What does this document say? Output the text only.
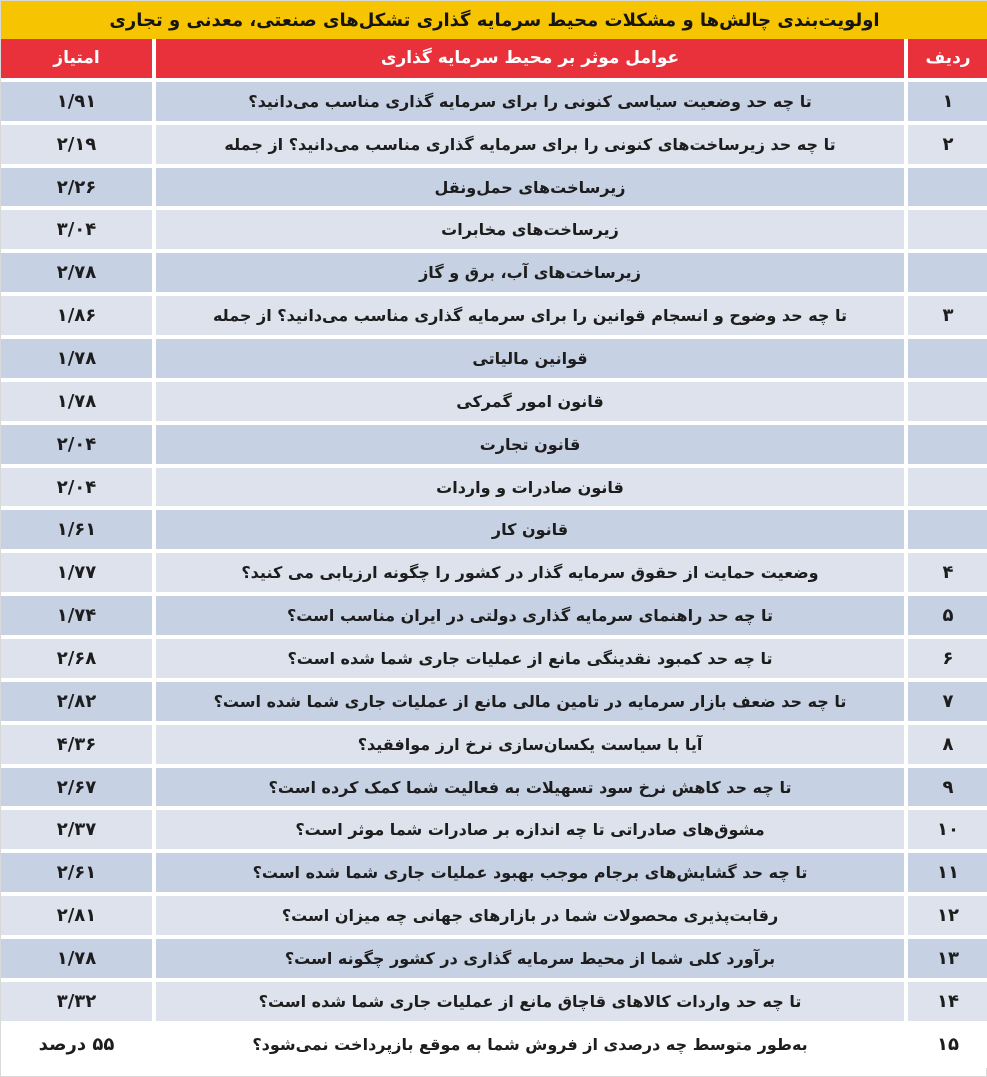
اولویت‌بندی چالش‌ها و مشکلات محیط سرمایه گذاری تشکل‌های صنعتی، معدنی و تجاری
ردیف
عوامل موثر بر محیط سرمایه گذاری
امتیاز
۱
تا چه حد وضعیت سیاسی کنونی را برای سرمایه گذاری مناسب می‌دانید؟
۱/۹۱
۲
تا چه حد زیرساخت‌های کنونی را برای سرمایه گذاری مناسب می‌دانید؟ از جمله
۲/۱۹
زیرساخت‌های حمل‌ونقل
۲/۲۶
زیرساخت‌های مخابرات
۳/۰۴
زیرساخت‌های آب، برق و گاز
۲/۷۸
۳
تا چه حد وضوح و انسجام قوانین را برای سرمایه گذاری مناسب می‌دانید؟ از جمله
۱/۸۶
قوانین مالیاتی
۱/۷۸
قانون امور گمرکی
۱/۷۸
قانون تجارت
۲/۰۴
قانون صادرات و واردات
۲/۰۴
قانون کار
۱/۶۱
۴
وضعیت حمایت از حقوق سرمایه گذار در کشور را چگونه ارزیابی می کنید؟
۱/۷۷
۵
تا چه حد راهنمای سرمایه گذاری دولتی در ایران مناسب است؟
۱/۷۴
۶
تا چه حد کمبود نقدینگی مانع از عملیات جاری شما شده است؟
۲/۶۸
۷
تا چه حد ضعف بازار سرمایه در تامین مالی مانع از عملیات جاری شما شده است؟
۲/۸۲
۸
آیا با سیاست یکسان‌سازی نرخ ارز موافقید؟
۴/۳۶
۹
تا چه حد کاهش نرخ سود تسهیلات به فعالیت شما کمک کرده است؟
۲/۶۷
۱۰
مشوق‌های صادراتی تا چه اندازه بر صادرات شما موثر است؟
۲/۳۷
۱۱
تا چه حد گشایش‌های برجام موجب بهبود عملیات جاری شما شده است؟
۲/۶۱
۱۲
رقابت‌پذیری محصولات شما در بازارهای جهانی چه میزان است؟
۲/۸۱
۱۳
برآورد کلی شما از محیط سرمایه گذاری در کشور چگونه است؟
۱/۷۸
۱۴
تا چه حد واردات کالاهای قاچاق مانع از عملیات جاری شما شده است؟
۳/۳۲
۱۵
به‌طور متوسط چه درصدی از فروش شما به موقع بازپرداخت نمی‌شود؟
۵۵ درصد
